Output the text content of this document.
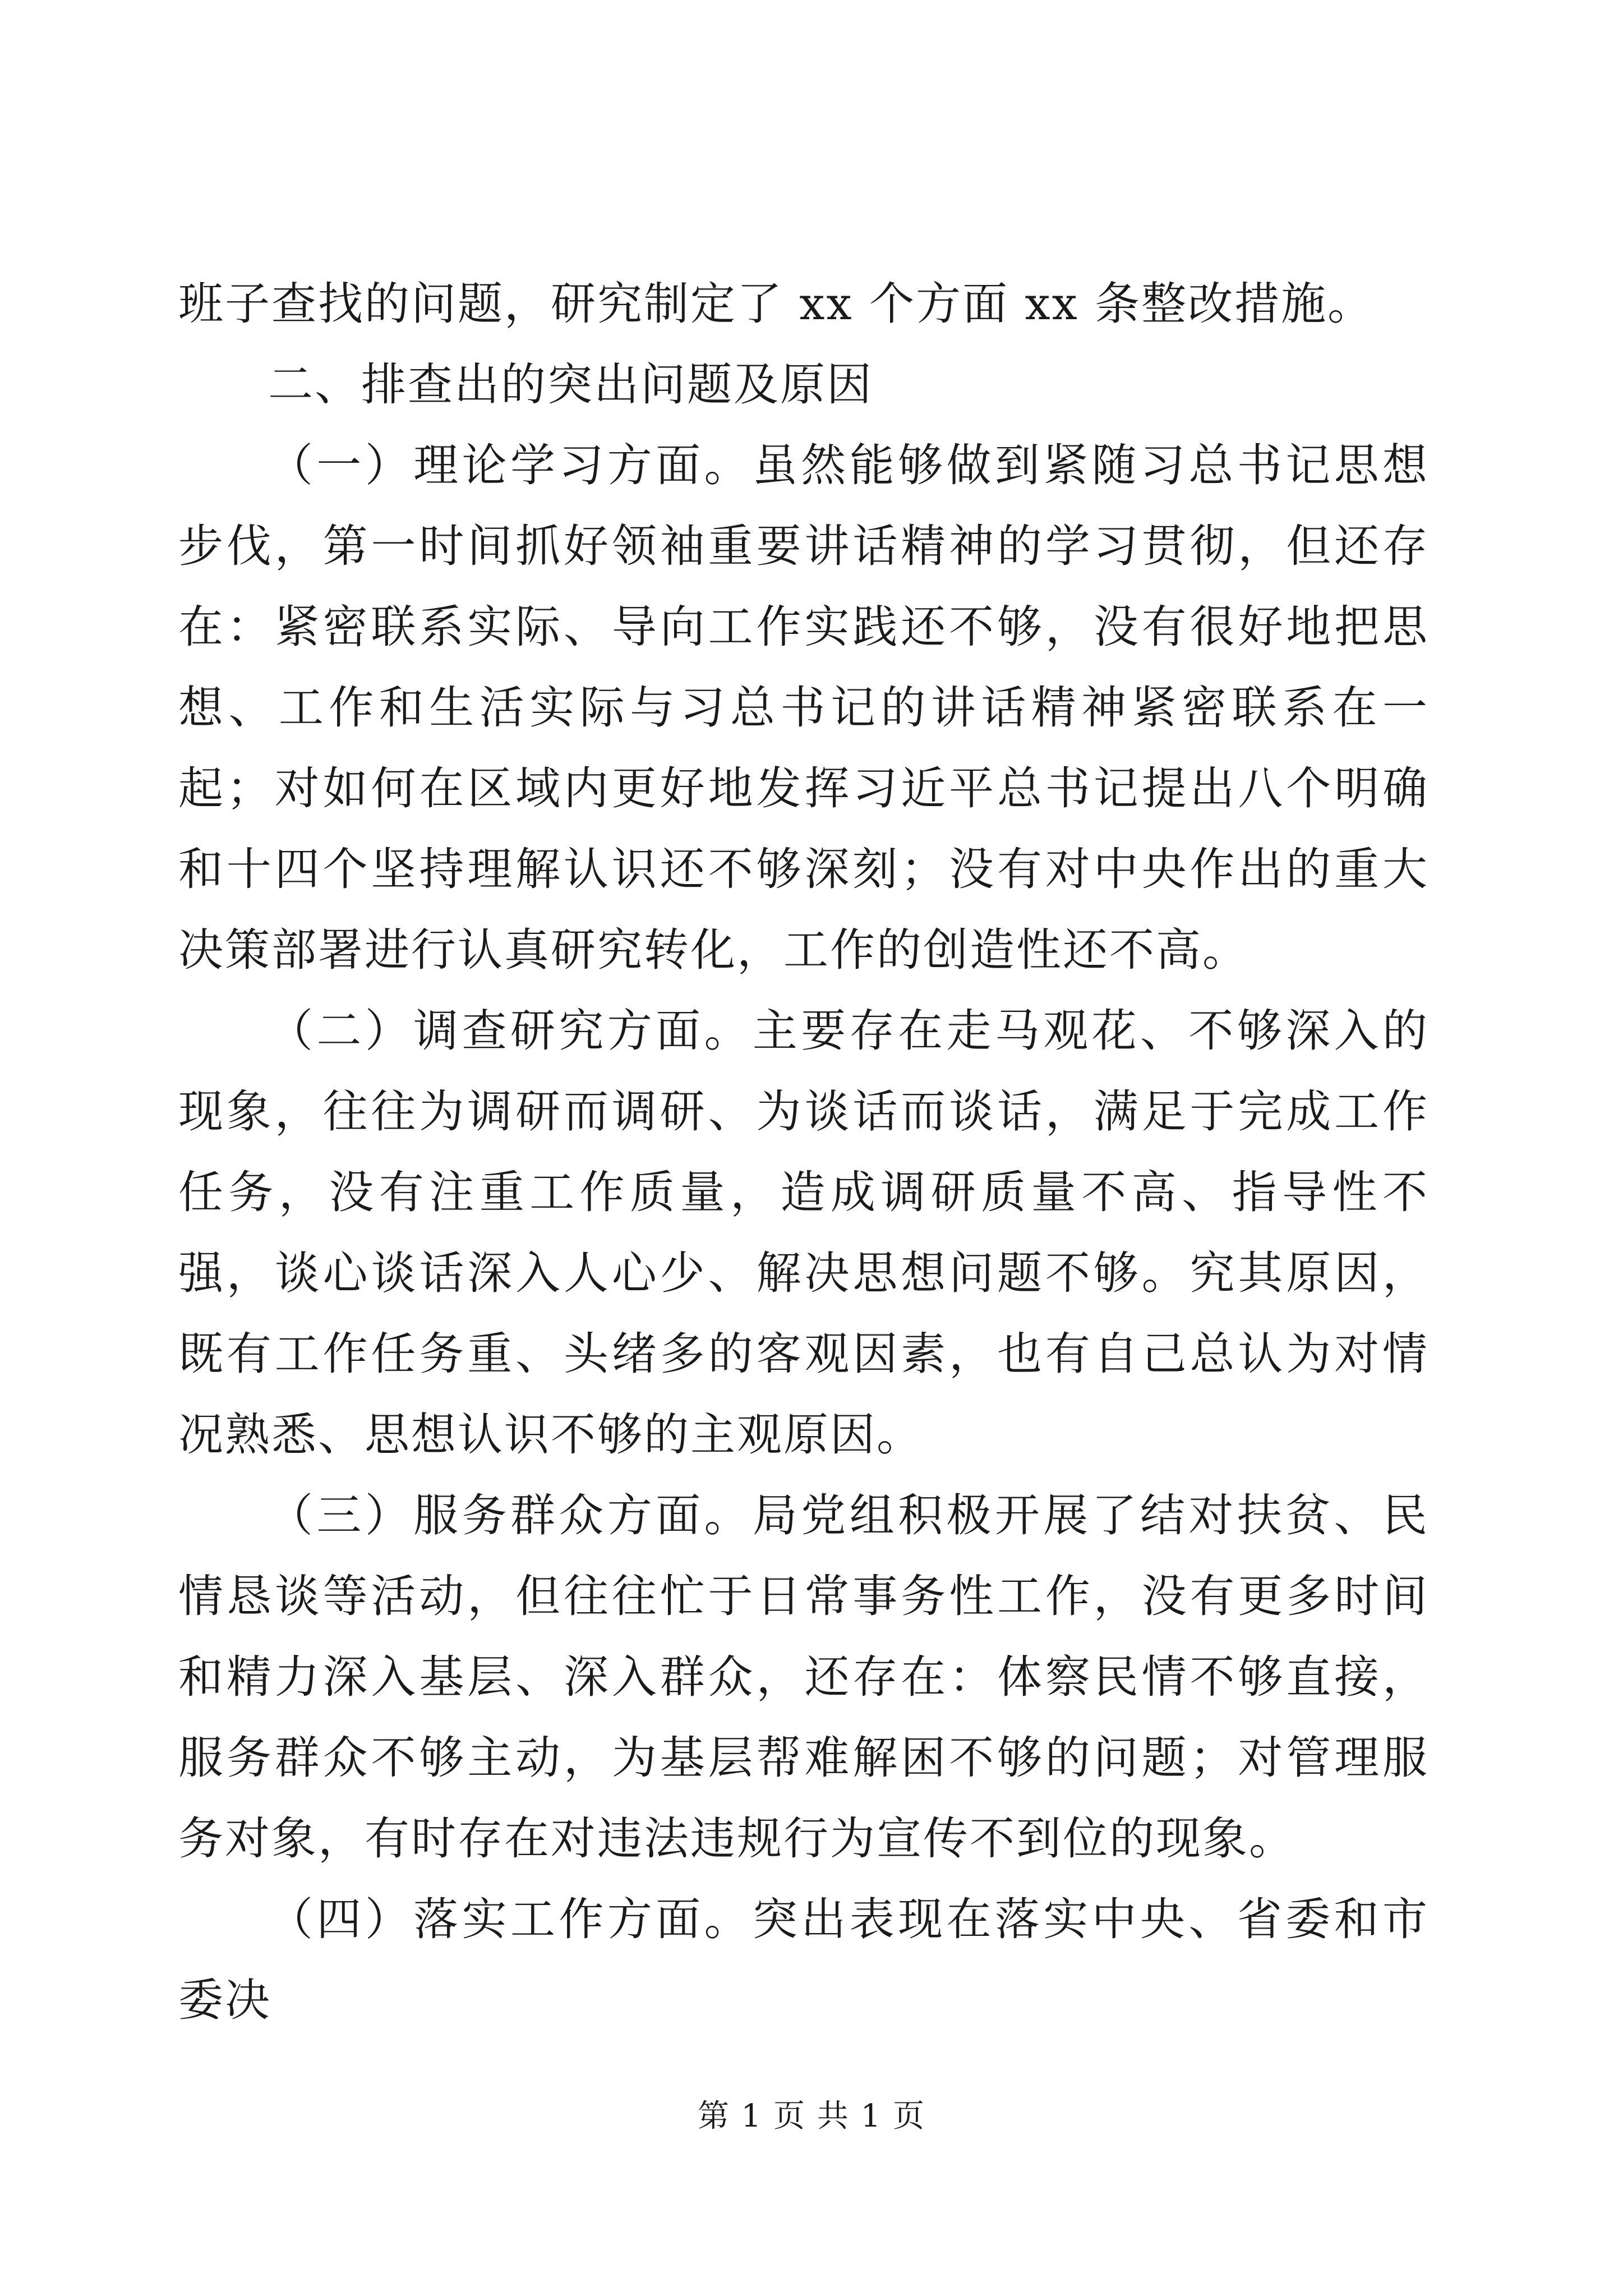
班子查找的问题，研究制定了 xx 个方面 xx 条整改措施。

二、排查出的突出问题及原因

（一）理论学习方面。虽然能够做到紧随习总书记思想步伐，第一时间抓好领袖重要讲话精神的学习贯彻，但还存在：紧密联系实际、导向工作实践还不够，没有很好地把思想、工作和生活实际与习总书记的讲话精神紧密联系在一起；对如何在区域内更好地发挥习近平总书记提出八个明确和十四个坚持理解认识还不够深刻；没有对中央作出的重大决策部署进行认真研究转化，工作的创造性还不高。

（二）调查研究方面。主要存在走马观花、不够深入的现象，往往为调研而调研、为谈话而谈话，满足于完成工作任务，没有注重工作质量，造成调研质量不高、指导性不强，谈心谈话深入人心少、解决思想问题不够。究其原因，既有工作任务重、头绪多的客观因素，也有自己总认为对情况熟悉、思想认识不够的主观原因。

（三）服务群众方面。局党组积极开展了结对扶贫、民情恳谈等活动，但往往忙于日常事务性工作，没有更多时间和精力深入基层、深入群众，还存在：体察民情不够直接，服务群众不够主动，为基层帮难解困不够的问题；对管理服务对象，有时存在对违法违规行为宣传不到位的现象。

（四）落实工作方面。突出表现在落实中央、省委和市委决

第 1 页 共 1 页
